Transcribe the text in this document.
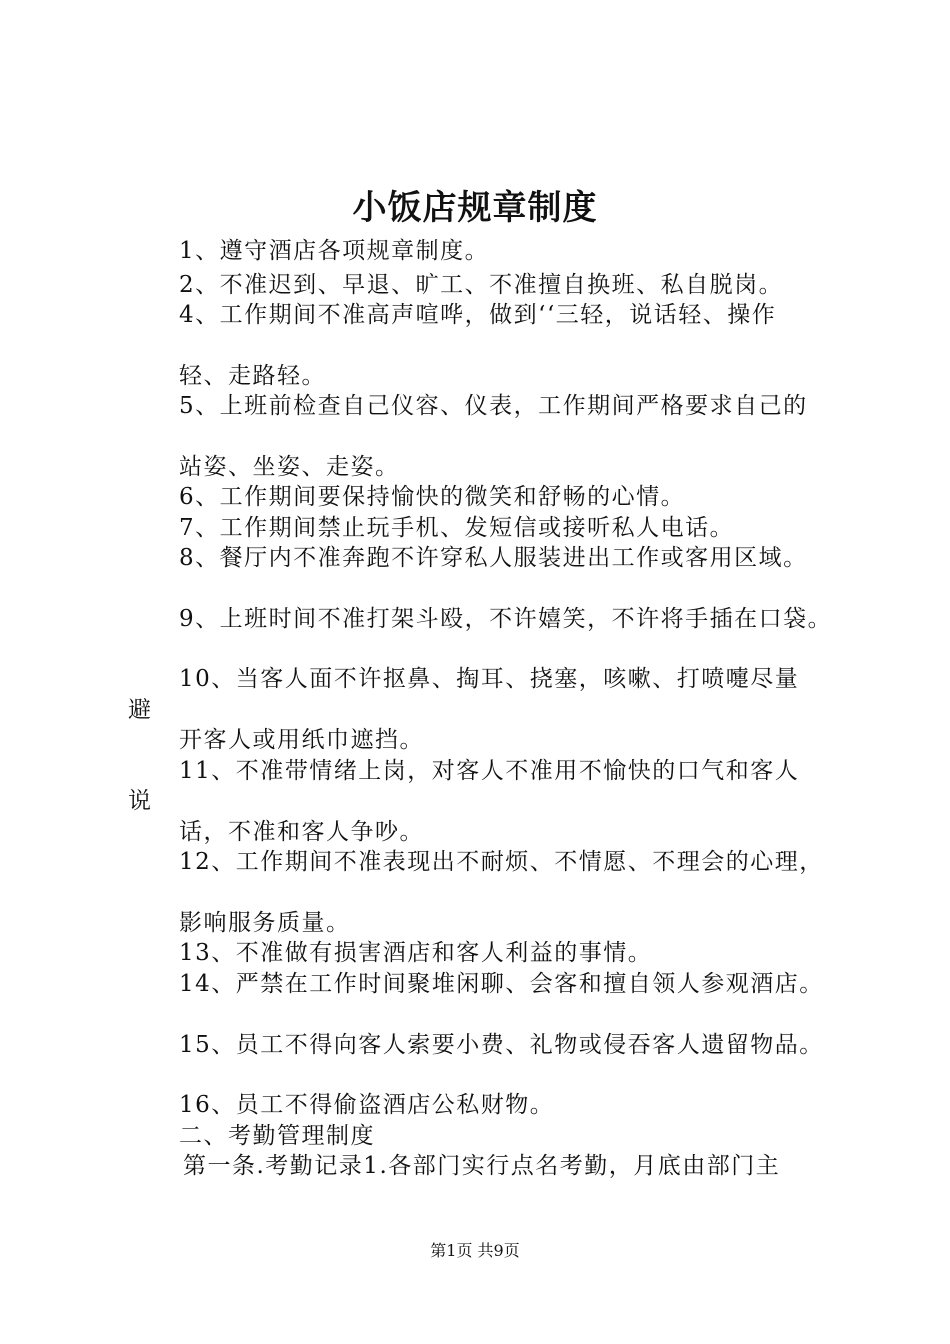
小饭店规章制度
1、遵守酒店各项规章制度。
2、不准迟到、早退、旷工、不准擅自换班、私自脱岗。
4、工作期间不准高声喧哗，做到‘‘三轻，说话轻、操作
轻、走路轻。
5、上班前检查自己仪容、仪表，工作期间严格要求自己的
站姿、坐姿、走姿。
6、工作期间要保持愉快的微笑和舒畅的心情。
7、工作期间禁止玩手机、发短信或接听私人电话。
8、餐厅内不准奔跑不许穿私人服装进出工作或客用区域。
9、上班时间不准打架斗殴，不许嬉笑，不许将手插在口袋。
10、当客人面不许抠鼻、掏耳、挠塞，咳嗽、打喷嚏尽量
避
开客人或用纸巾遮挡。
11、不准带情绪上岗，对客人不准用不愉快的口气和客人
说
话，不准和客人争吵。
12、工作期间不准表现出不耐烦、不情愿、不理会的心理，
影响服务质量。
13、不准做有损害酒店和客人利益的事情。
14、严禁在工作时间聚堆闲聊、会客和擅自领人参观酒店。
15、员工不得向客人索要小费、礼物或侵吞客人遗留物品。
16、员工不得偷盗酒店公私财物。
二、考勤管理制度
第一条.考勤记录1.各部门实行点名考勤，月底由部门主
第1页 共9页
